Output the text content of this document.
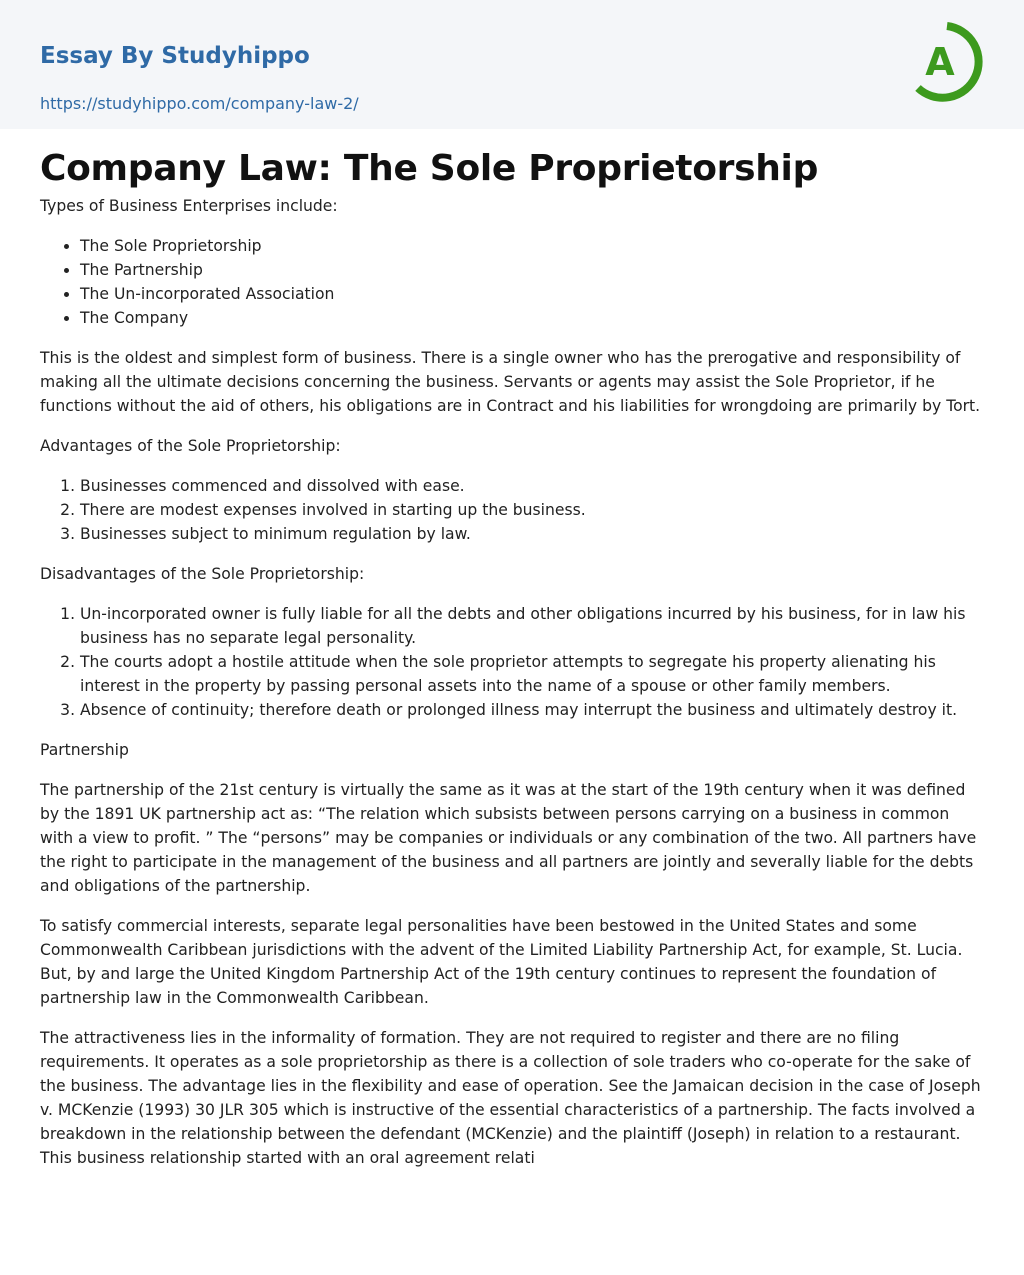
Essay By Studyhippo
https://studyhippo.com/company-law-2/
A
Company Law: The Sole Proprietorship

Types of Business Enterprises include:

• The Sole Proprietorship
• The Partnership
• The Un-incorporated Association
• The Company

This is the oldest and simplest form of business. There is a single owner who has the prerogative and responsibility of making all the ultimate decisions concerning the business. Servants or agents may assist the Sole Proprietor, if he functions without the aid of others, his obligations are in Contract and his liabilities for wrongdoing are primarily by Tort.

Advantages of the Sole Proprietorship:

1. Businesses commenced and dissolved with ease.
2. There are modest expenses involved in starting up the business.
3. Businesses subject to minimum regulation by law.

Disadvantages of the Sole Proprietorship:

1. Un-incorporated owner is fully liable for all the debts and other obligations incurred by his business, for in law his business has no separate legal personality.
2. The courts adopt a hostile attitude when the sole proprietor attempts to segregate his property alienating his interest in the property by passing personal assets into the name of a spouse or other family members.
3. Absence of continuity; therefore death or prolonged illness may interrupt the business and ultimately destroy it.

Partnership

The partnership of the 21st century is virtually the same as it was at the start of the 19th century when it was defined by the 1891 UK partnership act as: “The relation which subsists between persons carrying on a business in common with a view to profit. ” The “persons” may be companies or individuals or any combination of the two. All partners have the right to participate in the management of the business and all partners are jointly and severally liable for the debts and obligations of the partnership.

To satisfy commercial interests, separate legal personalities have been bestowed in the United States and some Commonwealth Caribbean jurisdictions with the advent of the Limited Liability Partnership Act, for example, St. Lucia. But, by and large the United Kingdom Partnership Act of the 19th century continues to represent the foundation of partnership law in the Commonwealth Caribbean.

The attractiveness lies in the informality of formation. They are not required to register and there are no filing requirements. It operates as a sole proprietorship as there is a collection of sole traders who co-operate for the sake of the business. The advantage lies in the flexibility and ease of operation. See the Jamaican decision in the case of Joseph v. MCKenzie (1993) 30 JLR 305 which is instructive of the essential characteristics of a partnership. The facts involved a breakdown in the relationship between the defendant (MCKenzie) and the plaintiff (Joseph) in relation to a restaurant. This business relationship started with an oral agreement relati
